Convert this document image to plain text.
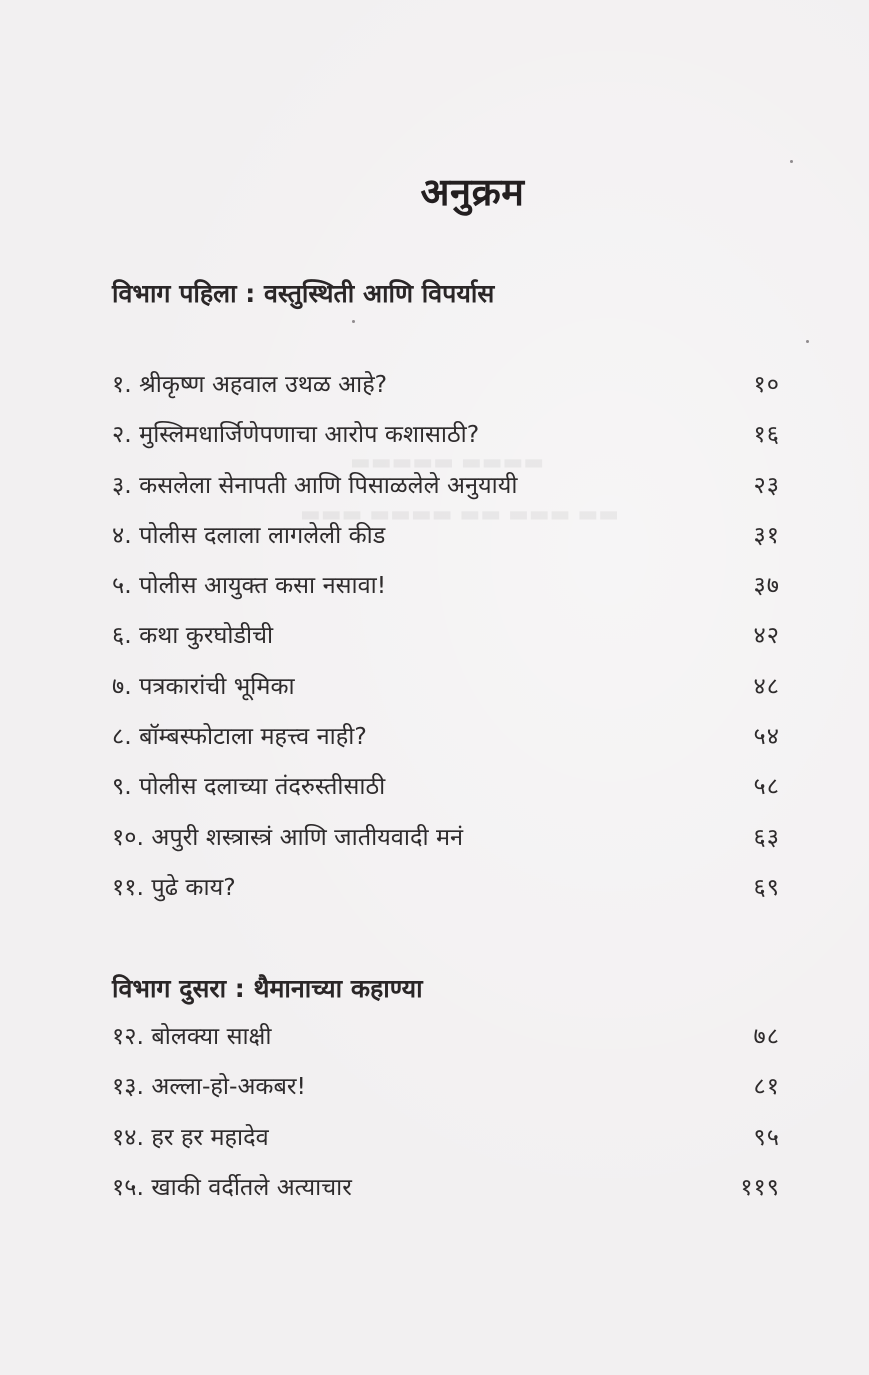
▬▬▬▬ ▬▬▬▬▬
▬▬ ▬▬▬ ▬▬ ▬▬▬▬ ▬▬▬
अनुक्रम
विभाग पहिला : वस्तुस्थिती आणि विपर्यास
१. श्रीकृष्ण अहवाल उथळ आहे?	१०
२. मुस्लिमधार्जिणेपणाचा आरोप कशासाठी?	१६
३. कसलेला सेनापती आणि पिसाळलेले अनुयायी	२३
४. पोलीस दलाला लागलेली कीड	३१
५. पोलीस आयुक्त कसा नसावा!	३७
६. कथा कुरघोडीची	४२
७. पत्रकारांची भूमिका	४८
८. बॉम्बस्फोटाला महत्त्व नाही?	५४
९. पोलीस दलाच्या तंदरुस्तीसाठी	५८
१०. अपुरी शस्त्रास्त्रं आणि जातीयवादी मनं	६३
११. पुढे काय?	६९
विभाग दुसरा : थैमानाच्या कहाण्या
१२. बोलक्या साक्षी	७८
१३. अल्ला-हो-अकबर!	८१
१४. हर हर महादेव	९५
१५. खाकी वर्दीतले अत्याचार	११९
